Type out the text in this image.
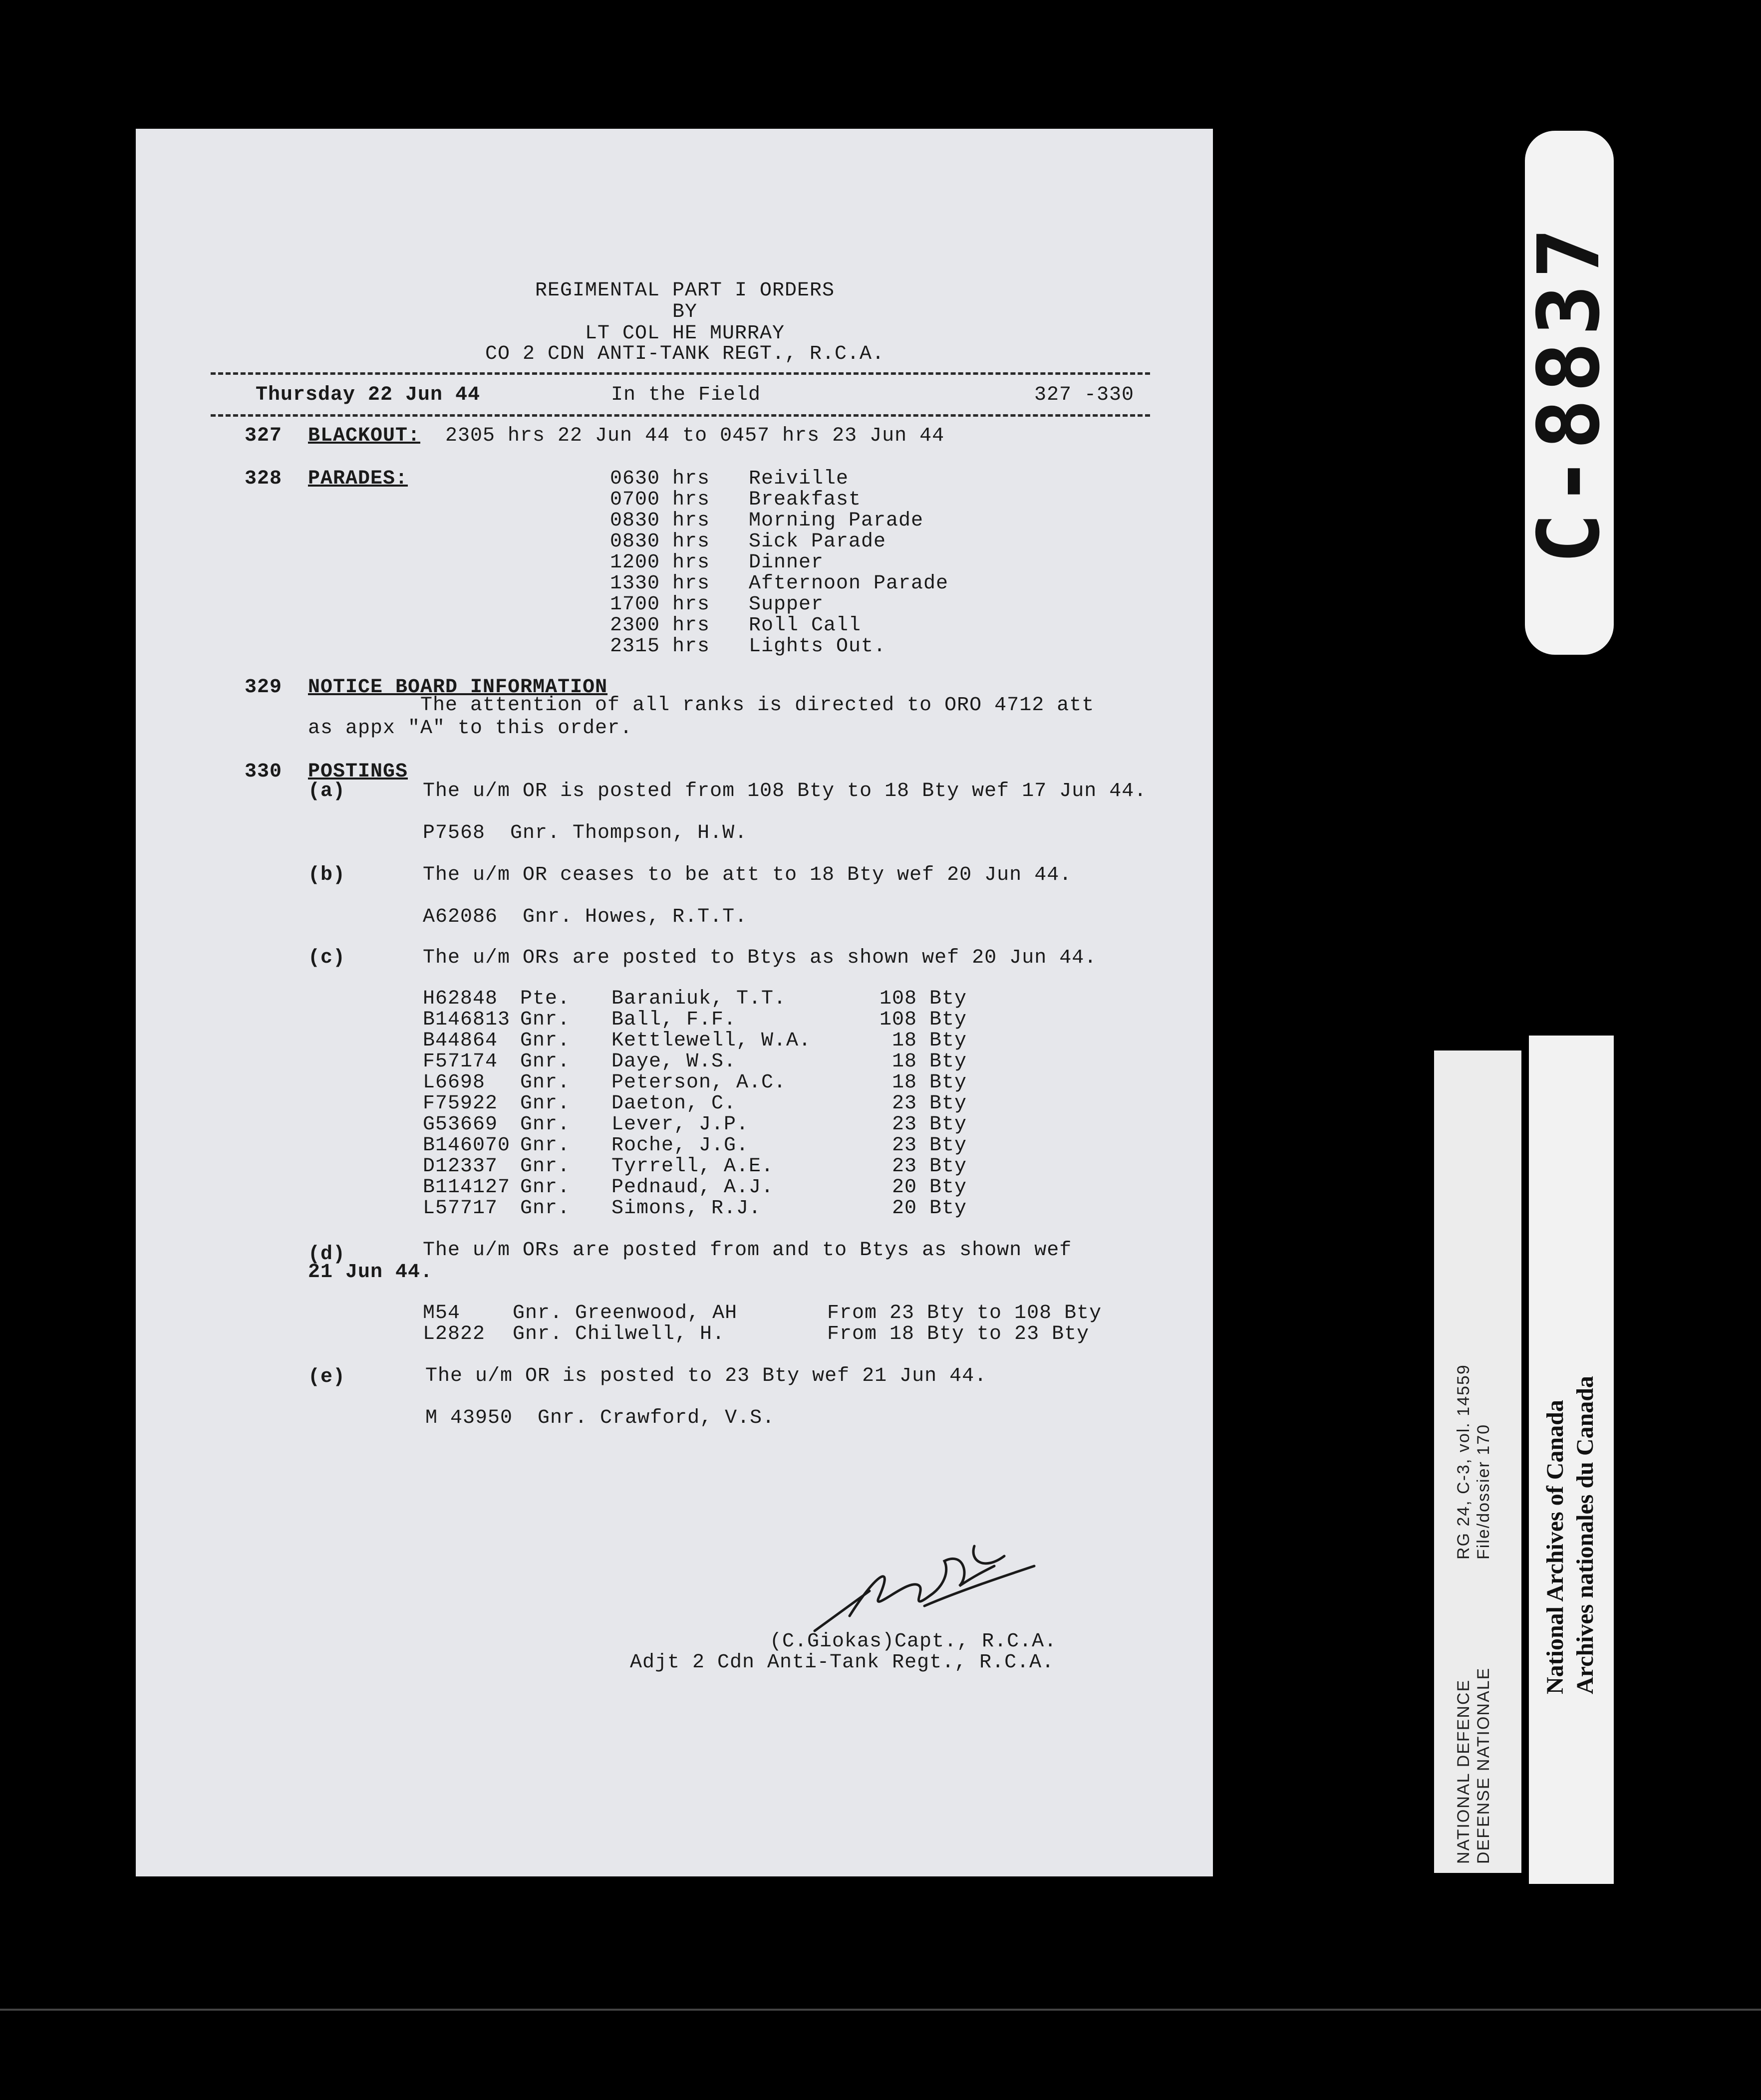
REGIMENTAL PART I ORDERS
BY
LT COL HE MURRAY
CO 2 CDN ANTI-TANK REGT., R.C.A.
Thursday 22 Jun 44	In the Field	327 -330
327 BLACKOUT: 2305 hrs 22 Jun 44 to 0457 hrs 23 Jun 44
328 PARADES:	0630 hrs Reiville
0700 hrs Breakfast
0830 hrs Morning Parade
0830 hrs Sick Parade
1200 hrs Dinner
1330 hrs Afternoon Parade
1700 hrs Supper
2300 hrs Roll Call
2315 hrs Lights Out.
329 NOTICE BOARD INFORMATION
The attention of all ranks is directed to ORO 4712 att
as appx "A" to this order.
330 POSTINGS
(a)	The u/m OR is posted from 108 Bty to 18 Bty wef 17 Jun 44.
P7568  Gnr. Thompson, H.W.
(b)	The u/m OR ceases to be att to 18 Bty wef 20 Jun 44.
A62086  Gnr. Howes, R.T.T.
(c)	The u/m ORs are posted to Btys as shown wef 20 Jun 44.
H62848 Pte. Baraniuk, T.T.	108 Bty
B146813 Gnr. Ball, F.F.	108 Bty
B44864 Gnr. Kettlewell, W.A.	18 Bty
F57174 Gnr. Daye, W.S.	18 Bty
L6698 Gnr. Peterson, A.C.	18 Bty
F75922 Gnr. Daeton, C.	23 Bty
G53669 Gnr. Lever, J.P.	23 Bty
B146070 Gnr. Roche, J.G.	23 Bty
D12337 Gnr. Tyrrell, A.E.	23 Bty
B114127 Gnr. Pednaud, A.J.	20 Bty
L57717 Gnr. Simons, R.J.	20 Bty
(d)	The u/m ORs are posted from and to Btys as shown wef
21 Jun 44.
M54	Gnr. Greenwood, AH	From 23 Bty to 108 Bty
L2822 Gnr. Chilwell, H.	From 18 Bty to 23 Bty
(e)	The u/m OR is posted to 23 Bty wef 21 Jun 44.
M 43950  Gnr. Crawford, V.S.
(C.Giokas)Capt., R.C.A.
Adjt 2 Cdn Anti-Tank Regt., R.C.A.
C-8837
RG 24, C-3, vol. 14559 File/dossier 170
NATIONAL DEFENCE DEFENSE NATIONALE
National Archives of Canada Archives nationales du Canada
